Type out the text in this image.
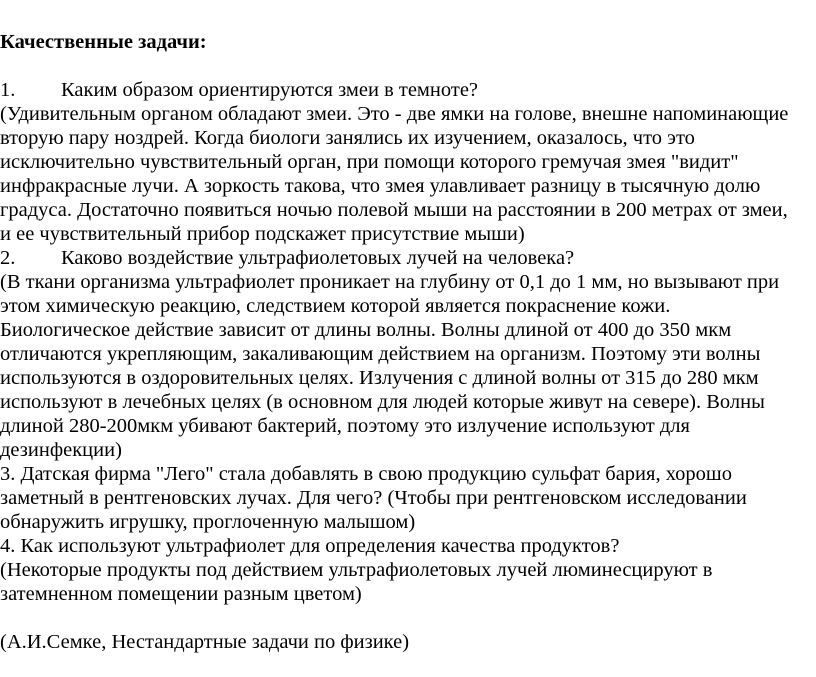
Качественные задачи:
1. Каким образом ориентируются змеи в темноте?
(Удивительным органом обладают змеи. Это - две ямки на голове, внешне напоминающие
вторую пару ноздрей. Когда биологи занялись их изучением, оказалось, что это
исключительно чувствительный орган, при помощи которого гремучая змея "видит"
инфракрасные лучи. А зоркость такова, что змея улавливает разницу в тысячную долю
градуса. Достаточно появиться ночью полевой мыши на расстоянии в 200 метрах от змеи,
и ее чувствительный прибор подскажет присутствие мыши)
2. Каково воздействие ультрафиолетовых лучей на человека?
(В ткани организма ультрафиолет проникает на глубину от 0,1 до 1 мм, но вызывают при
этом химическую реакцию, следствием которой является покраснение кожи.
Биологическое действие зависит от длины волны. Волны длиной от 400 до 350 мкм
отличаются укрепляющим, закаливающим действием на организм. Поэтому эти волны
используются в оздоровительных целях. Излучения с длиной волны от 315 до 280 мкм
используют в лечебных целях (в основном для людей которые живут на севере). Волны
длиной 280-200мкм убивают бактерий, поэтому это излучение используют для
дезинфекции)
3. Датская фирма "Лего" стала добавлять в свою продукцию сульфат бария, хорошо
заметный в рентгеновских лучах. Для чего? (Чтобы при рентгеновском исследовании
обнаружить игрушку, проглоченную малышом)
4. Как используют ультрафиолет для определения качества продуктов?
(Некоторые продукты под действием ультрафиолетовых лучей люминесцируют в
затемненном помещении разным цветом)
(А.И.Семке, Нестандартные задачи по физике)
